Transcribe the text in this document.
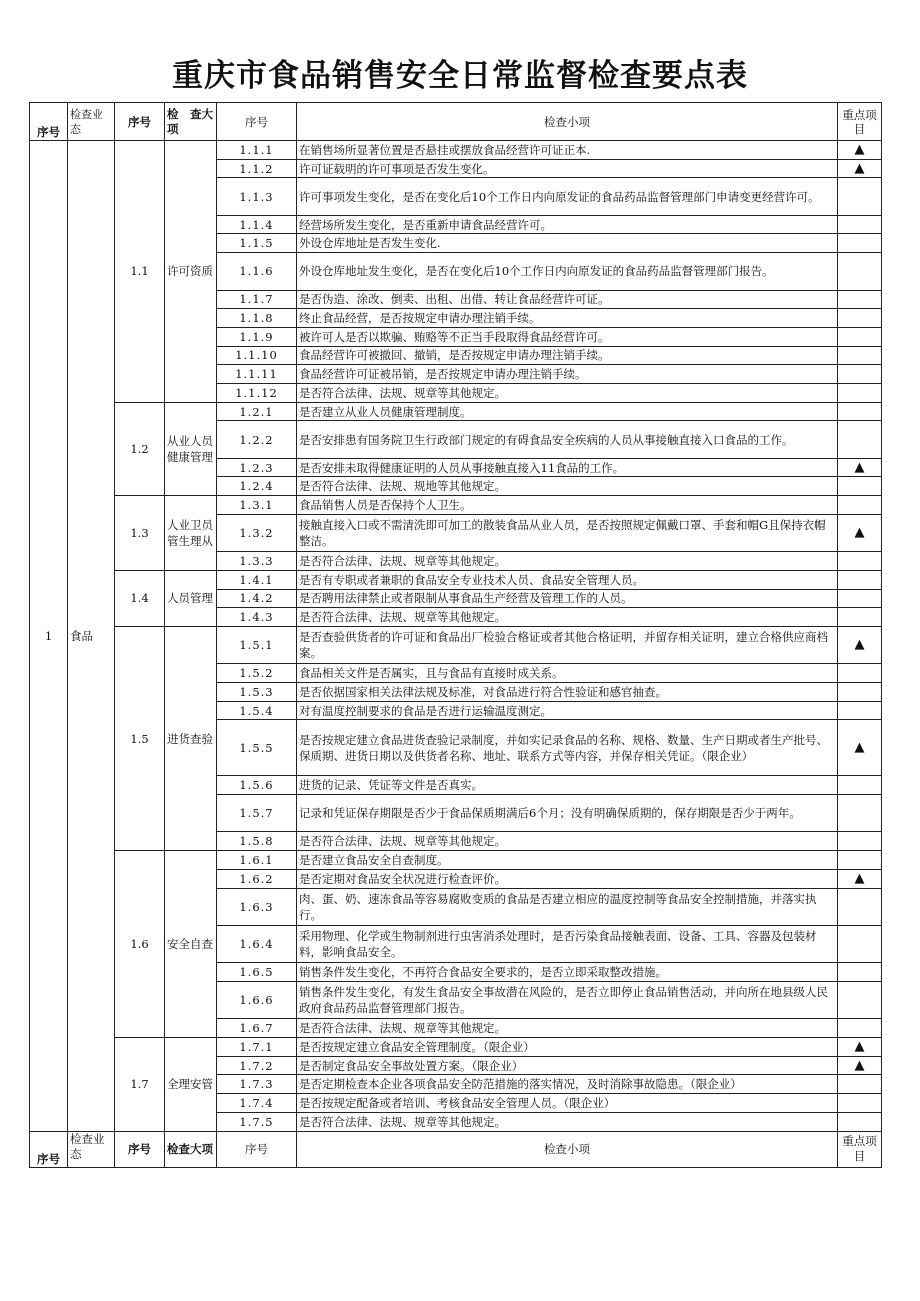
重庆市食品销售安全日常监督检查要点表
序号	检查业态	序号	检　查大项	序号	检查小项	重点项目
1	食品	1.1	许可资质	1.1.1	在销售场所显著位置是否悬挂或摆放食品经营许可证正本.	▲
				1.1.2	许可证载明的许可事项是否发生变化。	▲
				1.1.3	许可事项发生变化，是否在变化后10个工作日内向原发证的食品药品监督管理部门申请变更经营许可。	
				1.1.4	经营场所发生变化，是否重新申请食品经营许可。	
				1.1.5	外设仓库地址是否发生变化.	
				1.1.6	外设仓库地址发生变化，是否在变化后10个工作日内向原发证的食品药品监督管理部门报告。	
				1.1.7	是否伪造、涂改、倒卖、出租、出借、转让食品经营许可证。	
				1.1.8	终止食品经营，是否按规定申请办理注销手续。	
				1.1.9	被许可人是否以欺骗、贿赂等不正当手段取得食品经营许可。	
				1.1.10	食品经营许可被撤回、撤销，是否按规定申请办理注销手续。	
				1.1.11	食品经营许可证被吊销，是否按规定申请办理注销手续。	
				1.1.12	是否符合法律、法规、规章等其他规定。	
		1.2	从业人员健康管理	1.2.1	是否建立从业人员健康管理制度。	
				1.2.2	是否安排患有国务院卫生行政部门规定的有碍食品安全疾病的人员从事接触直接入口食品的工作。	
				1.2.3	是否安排未取得健康证明的人员从事接触直接入11食品的工作。	▲
				1.2.4	是否符合法律、法规、规地等其他规定。	
		1.3	人业卫员管生理从	1.3.1	食品销售人员是否保持个人卫生。	
				1.3.2	接触直接入口或不需清洗即可加工的散装食品从业人员，是否按照规定佩戴口罩、手套和帽G且保持衣帽整洁。	▲
				1.3.3	是否符合法律、法规、规章等其他规定。	
		1.4	人员管理	1.4.1	是否有专职或者兼职的食品安全专业技术人员、食品安全管理人员。	
				1.4.2	是否聘用法律禁止或者限制从事食品生产经营及管理工作的人员。	
				1.4.3	是否符合法律、法规、规章等其他规定。	
		1.5	进货查验	1.5.1	是否查验供货者的许可证和食品出厂检验合格证或者其他合格证明，并留存相关证明，建立合格供应商档案。	▲
				1.5.2	食品相关文件是否属实，且与食品有直接时成关系。	
				1.5.3	是否依据国家相关法律法规及标准，对食品进行符合性验证和感官抽查。	
				1.5.4	对有温度控制要求的食品是否进行运输温度测定。	
				1.5.5	是否按规定建立食品进货查验记录制度，并如实记录食品的名称、规格、数量、生产日期或者生产批号、保质期、进货日期以及供货者名称、地址、联系方式等内容，并保存相关凭证。（限企业）	▲
				1.5.6	进货的记录、凭证等文件是否真实。	
				1.5.7	记录和凭证保存期限是否少于食品保质期满后6个月；没有明确保质期的，保存期限是否少于两年。	
				1.5.8	是否符合法律、法规、规章等其他规定。	
		1.6	安全自查	1.6.1	是否建立食品安全自查制度。	
				1.6.2	是否定期对食品安全状况进行检查评价。	▲
				1.6.3	肉、蛋、奶、速冻食品等容易腐败变质的食品是否建立相应的温度控制等食品安全控制措施，并落实执行。	
				1.6.4	采用物理、化学或生物制剂进行虫害消杀处理时，是否污染食品接触表面、设备、工具、容器及包装材料，影响食品安全。	
				1.6.5	销售条件发生变化，不再符合食品安全要求的，是否立即采取整改措施。	
				1.6.6	销售条件发生变化，有发生食品安全事故潜在风险的，是否立即停止食品销售活动，并向所在地县级人民政府食品药品监督管理部门报告。	
				1.6.7	是否符合法律、法规、规章等其他规定。	
		1.7	全理安管	1.7.1	是否按规定建立食品安全管理制度。（限企业）	▲
				1.7.2	是否制定食品安全事故处置方案。（限企业）	▲
				1.7.3	是否定期检查本企业各项食品安全防范措施的落实情况，及时消除事故隐患。（限企业）	
				1.7.4	是否按规定配备或者培训、考核食品安全管理人员。（限企业）	
				1.7.5	是否符合法律、法规、规章等其他规定。	
序号	检查业态	序号	检查大项	序号	检查小项	重点项目
